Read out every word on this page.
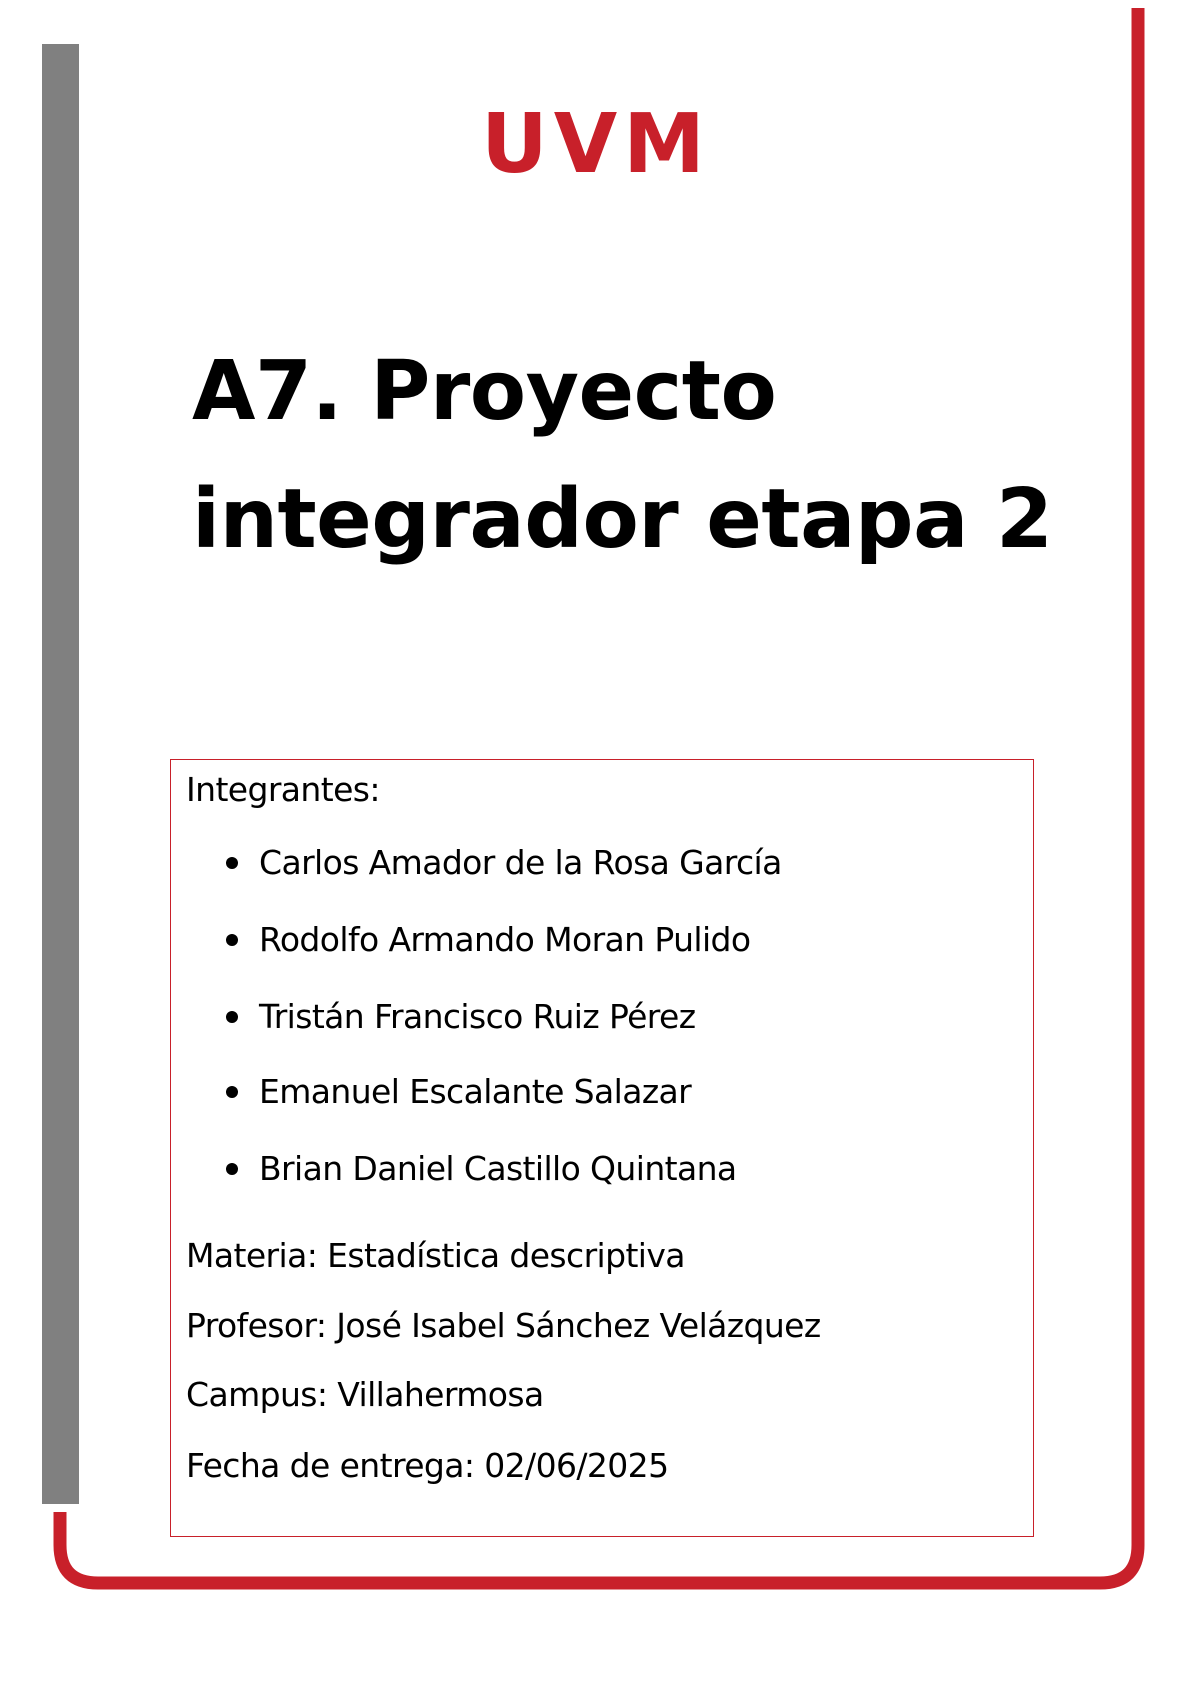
UVM
A7. Proyecto
integrador etapa 2
Integrantes:
Carlos Amador de la Rosa García
Rodolfo Armando Moran Pulido
Tristán Francisco Ruiz Pérez
Emanuel Escalante Salazar
Brian Daniel Castillo Quintana
Materia: Estadística descriptiva
Profesor: José Isabel Sánchez Velázquez
Campus: Villahermosa
Fecha de entrega: 02/06/2025
